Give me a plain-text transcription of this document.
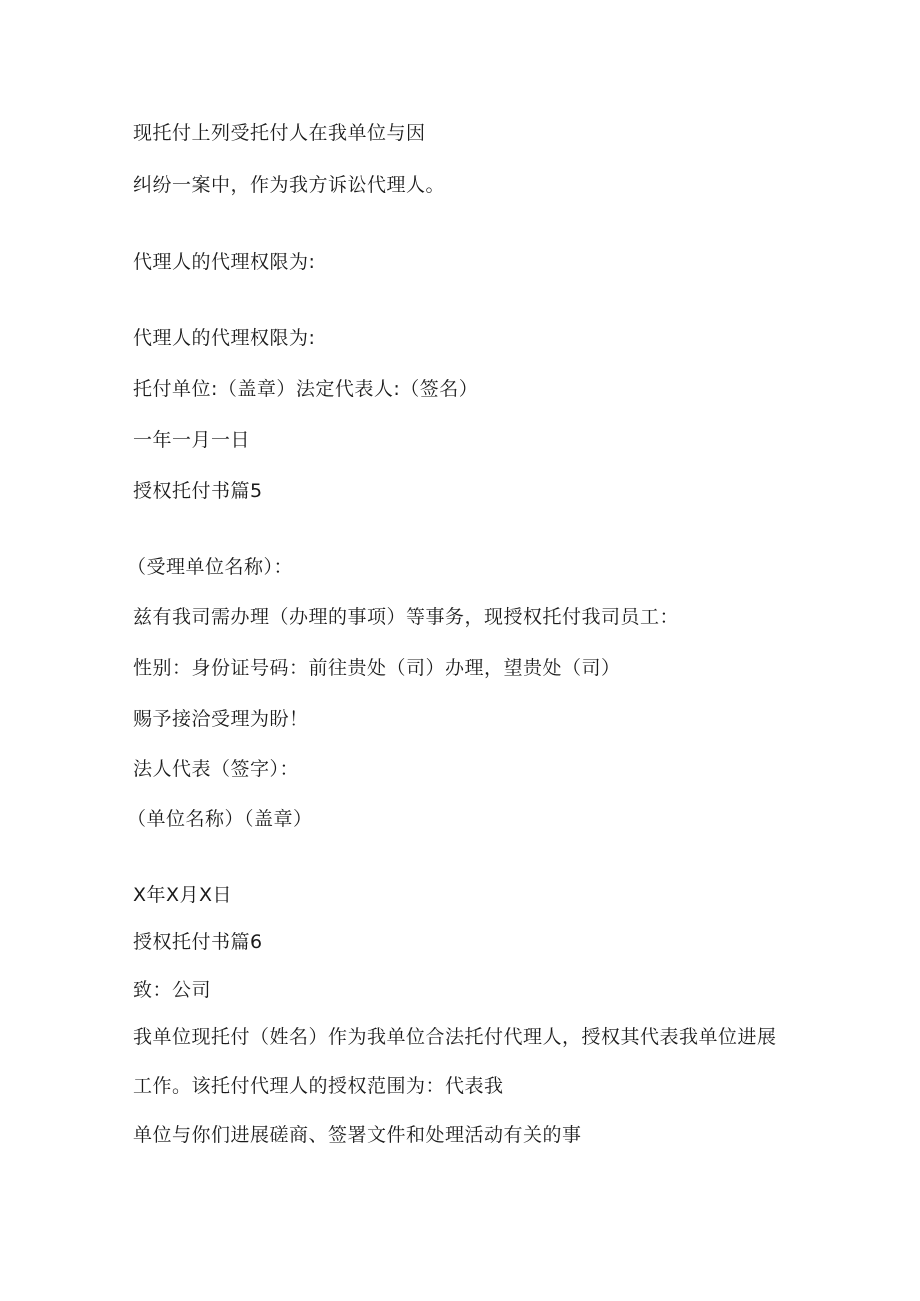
现托付上列受托付人在我单位与因
纠纷一案中，作为我方诉讼代理人。
代理人的代理权限为:
代理人的代理权限为:
托付单位:（盖章）法定代表人:（签名）
一年一月一日
授权托付书篇5
（受理单位名称）：
兹有我司需办理（办理的事项）等事务，现授权托付我司员工：
性别：身份证号码：前往贵处（司）办理，望贵处（司）
赐予接洽受理为盼！
法人代表（签字）：
（单位名称）（盖章）
X年X月X日
授权托付书篇6
致：公司
我单位现托付（姓名）作为我单位合法托付代理人，授权其代表我单位进展
工作。该托付代理人的授权范围为：代表我
单位与你们进展磋商、签署文件和处理活动有关的事
